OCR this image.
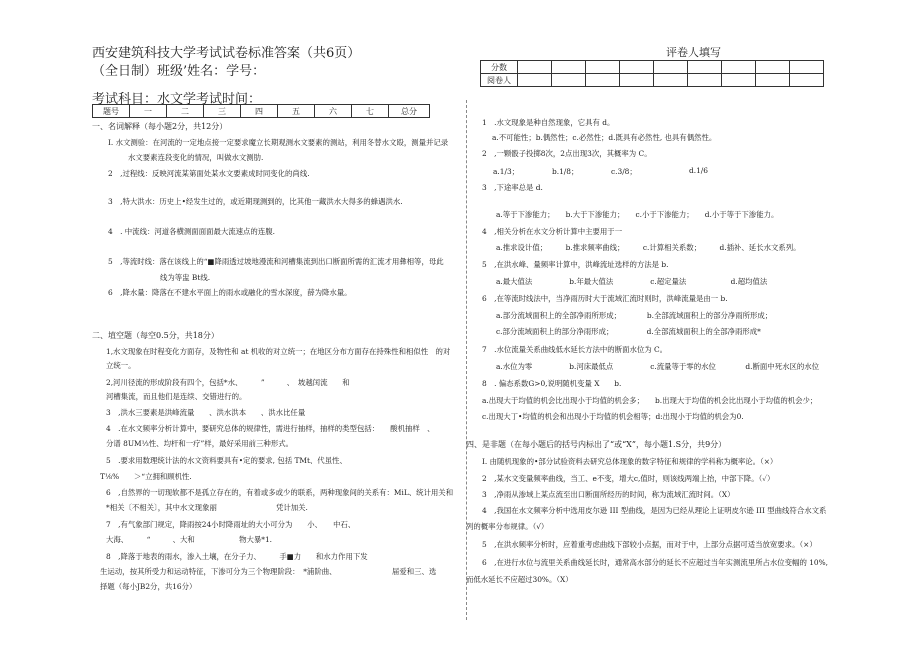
西安建筑科技大学考试试卷标准答案（共6页）
（全日制）班级’姓名：学号：
考试科目：水文学考试时间：
题号	一	二	三	四	五	六	七	总分
评卷人填写
分数									
阅卷人									
一、名词解释（每小题2分，共12分）
I. 水文测验：在河流的一定地点接一定要求魔立长期观测水文要素的测站，利用冬替水文殴，测量并记录
水文要素连段变化的情况，叫做水文测肋.
2　,过程线：反映河流某第面处某水文要素成时同变化的尚线.
3　,特大洪水：历史上•经发生过的，或近期现测到的，比其他一藏洪水大得多的蜂遇洪水.
4　. 中流线：河道各横测面面面最大流速点的连腹.
5　,等流时线：落在该线上的“■降雨透过坡地漫流和河槽集流到出口断面所需的汇流才用彝相等，母此
线为等盅 Bt线.
6　,降水量：降落在不建水平面上的雨水或融化的雪水深度，薛为降水量。
二、埴空题（每空0.5分，共18分）
1,水文现象在时程变化方面存，及物性和 at 机收的对立统一；在地区分布方面存在持殊性和相似性　的对
立统一。
2,河川径流的形成阶段有四个，包括*水、　　　”　　　、　坡越闰流　　和
河槽集流，而且他们是连续、交错进行的。
3　,洪水三要素是洪峰流量　　、洪水洪本　　、洪水比任量
4　.在水文频率分析计算中，要研究总体的规律性，需进行抽样，抽样的类型包括：　　酸机抽样　、
分谱 8UM⅓性、均杆和一疗”样，最好采用前三种形式。
5　.要求用数理统计法的水文资料要具有•定的要求, 包括 TMt、代虽性、
T⅛%　　＞“立拥和顾机性.
6　,自然界的一切现软都不是孤立存在的，有着或多或少的联系，两种现象间的关系有：MiL、统计用关和
*相关〔不相关〕，其中水文现象丽　　　　　　　　凭计加关.
7　,有气象部门规定，降雨按24小时降雨址的大小可分为　　小、　　中石、
大海、　　　“　　　、大和　　　　　　物大暴*1.
8　,降落于地表的雨水，渗入土壤，在分子力、　　　手■力　　和水力作用下发
生运动，按其所受力和运动特征，下渗可分为三个物理阶段：　*浦阶曲、　　　　　　　　届爱和三、选
择题（每小JB2分，共16分）
1　.水文现象是种自然现象，它具有 d。
a.不可能性；b.偶然性；c.必然性；d.既具有必然性, 也具有偶然性。
2　,一颗骰子投掷8次，2点出现3次，其概率为 C。
a.1/3；	b.1/8；	c.3/8；	d.1/6
3　,下途率总是 d.
a.等于下渗能力；　　b.大于下渗能力；　　c.小于下渗能力；　　d.小于等于下渗能力。
4　,相关分析在水文分析计算中主要用于一
a.推求设计值；　　　b.推求频率曲线；　　　c.计算相关系数；　　　d.插补、延长水文系列。
5　,在洪水峰、量频率计算中，洪峰流址选样的方法是 b.
a.最大值法　　　　　b.年最大值法　　　　　c.超定量法　　　　　　d.超均值法
6　,在等流时线法中，当净雨历时大于流域汇流时则时，洪峰流量是由一 b.
a.部分流域面积上的全部净雨所形成；　　　　b.全部流域面积上的部分净雨所形成；
c.部分流域面积上的部分净雨形成；　　　　　d.全部流城面积上的全部净雨形成*
7　.水位流量关系曲线低水延长方法中的断面水位为 C。
a.水位为零　　　　　b.河床最低点　　　　　c.流量等于零的水位　　　　d.断面中死水区的水位
8　. 偏态系数G>0,说明随机变量 X　　b.
a.出现大于均值的机会比出现小于均值的机会多；　　b.出现大于均值的机会比出现小于均值的机会少；
c.出现大丁•均值的机会和出现小于均值的机会相等；d:出现小于均值的机会为0.
四、是非题（在每小题后的括号内标出了“或“X”，每小题1.S分，共9分）
I. 由随机现象的•部分试验资料去研究总体现象的数字特征和规律的学科称为概率论。（×）
2　,某水文变量频率曲线，当工、e不变，增大c,值时，则该线两端上抬，中部下降。（✓）
3　,净雨从渗域上某点流至出口断面所经历的时间，称为流域汇流时间。（X）
4　,我国在水文频率分析中选用皮尔逊 III 型曲线，是因为已经从理论上证明皮尔逊 III 型曲线符合水文系
列的概率分布规律。（√）
5　,在洪水频率分析时，应着重考虑曲线下部较小点据，而对于中，上部分点据可适当放宽要求。（×）
6　,在进行水位与流里关系曲线延长时，通常高水部分的延长不应超过当年实测流里所占水位变幅的 10%,
而低水延长不应超过30%。（X）
